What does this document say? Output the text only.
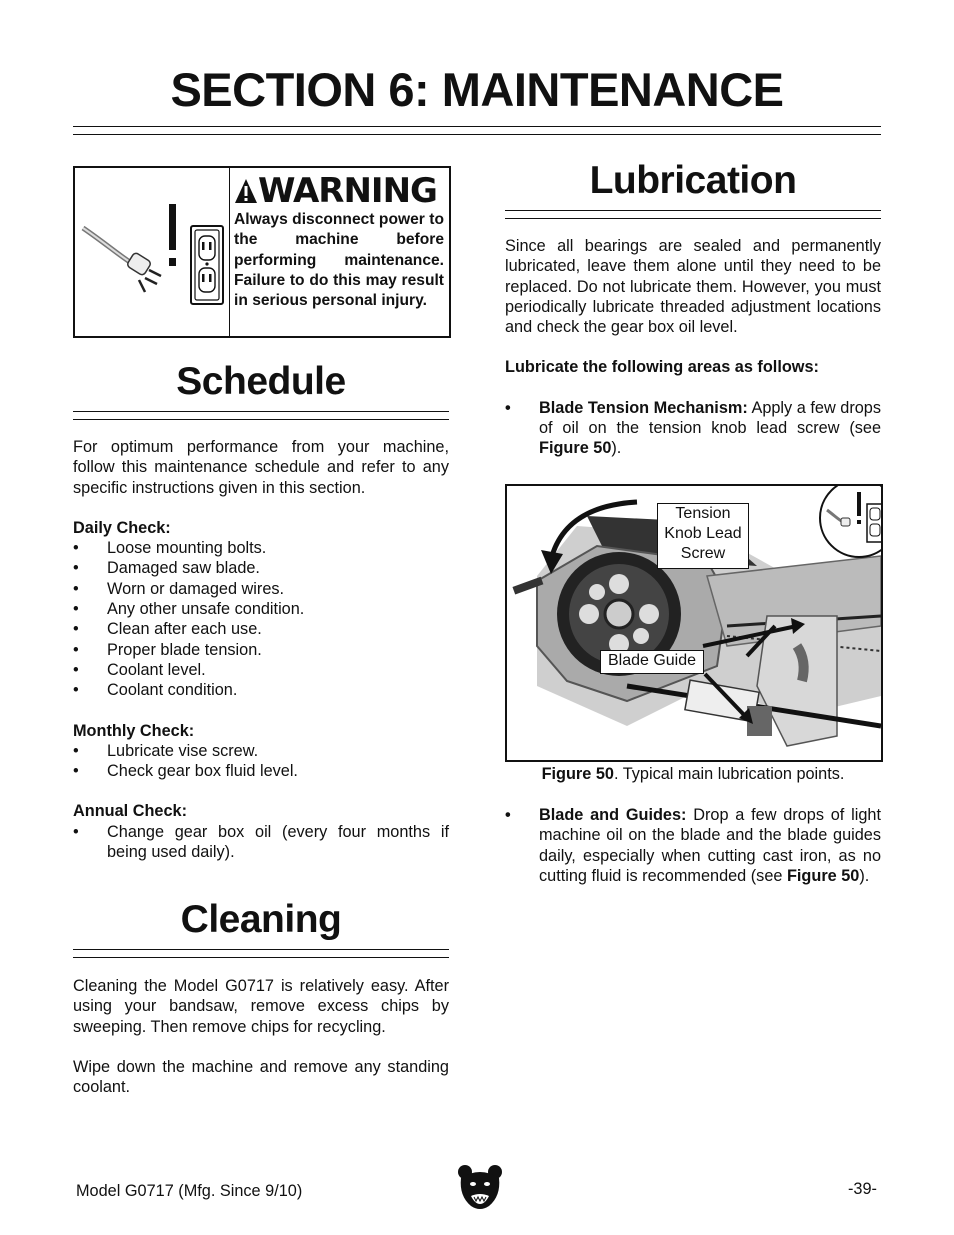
SECTION 6: MAINTENANCE
WARNING
Always disconnect power to the machine before performing maintenance. Failure to do this may result in serious personal injury.
Schedule

For optimum performance from your machine, follow this maintenance schedule and refer to any specific instructions given in this section.

Daily Check:

• Loose mounting bolts.
• Damaged saw blade.
• Worn or damaged wires.
• Any other unsafe condition.
• Clean after each use.
• Proper blade tension.
• Coolant level.
• Coolant condition.

Monthly Check:

• Lubricate vise screw.
• Check gear box fluid level.

Annual Check:

• Change gear box oil (every four months if being used daily).
Cleaning

Cleaning the Model G0717 is relatively easy. After using your bandsaw, remove excess chips by sweeping. Then remove chips for recycling.

Wipe down the machine and remove any standing coolant.

Lubrication

Since all bearings are sealed and permanently lubricated, leave them alone until they need to be replaced. Do not lubricate them. However, you must periodically lubricate threaded adjustment locations and check the gear box oil level.

Lubricate the following areas as follows:

• Blade Tension Mechanism: Apply a few drops of oil on the tension knob lead screw (see Figure 50).
Tension Knob Lead Screw
Blade Guide
Figure 50. Typical main lubrication points.
• Blade and Guides: Drop a few drops of light machine oil on the blade and the blade guides daily, especially when cutting cast iron, as no cutting fluid is recommended (see Figure 50).
Model G0717 (Mfg. Since 9/10)	-39-
